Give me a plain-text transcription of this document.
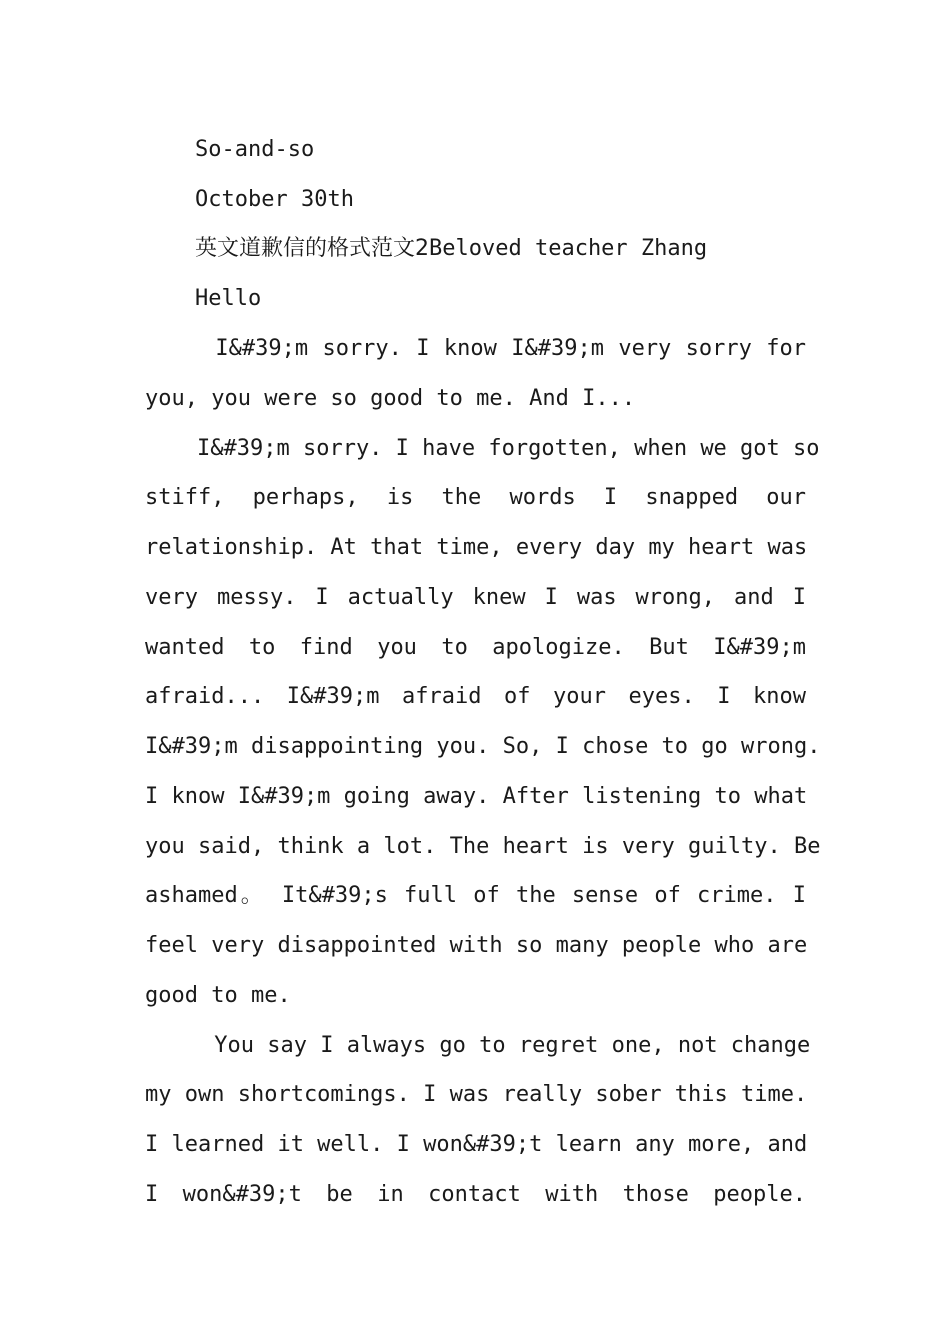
So-and-so
October 30th
英文道歉信的格式范文2Beloved teacher Zhang
Hello
I&#39;m sorry. I know I&#39;m very sorry for
you, you were so good to me. And I...
I&#39;m sorry. I have forgotten, when we got so
stiff, perhaps, is the words I snapped our
relationship. At that time, every day my heart was
very messy. I actually knew I was wrong, and I
wanted to find you to apologize. But I&#39;m
afraid... I&#39;m afraid of your eyes. I know
I&#39;m disappointing you. So, I chose to go wrong.
I know I&#39;m going away. After listening to what
you said, think a lot. The heart is very guilty. Be
ashamed。 It&#39;s full of the sense of crime. I
feel very disappointed with so many people who are
good to me.
You say I always go to regret one, not change
my own shortcomings. I was really sober this time.
I learned it well. I won&#39;t learn any more, and
I won&#39;t be in contact with those people.
